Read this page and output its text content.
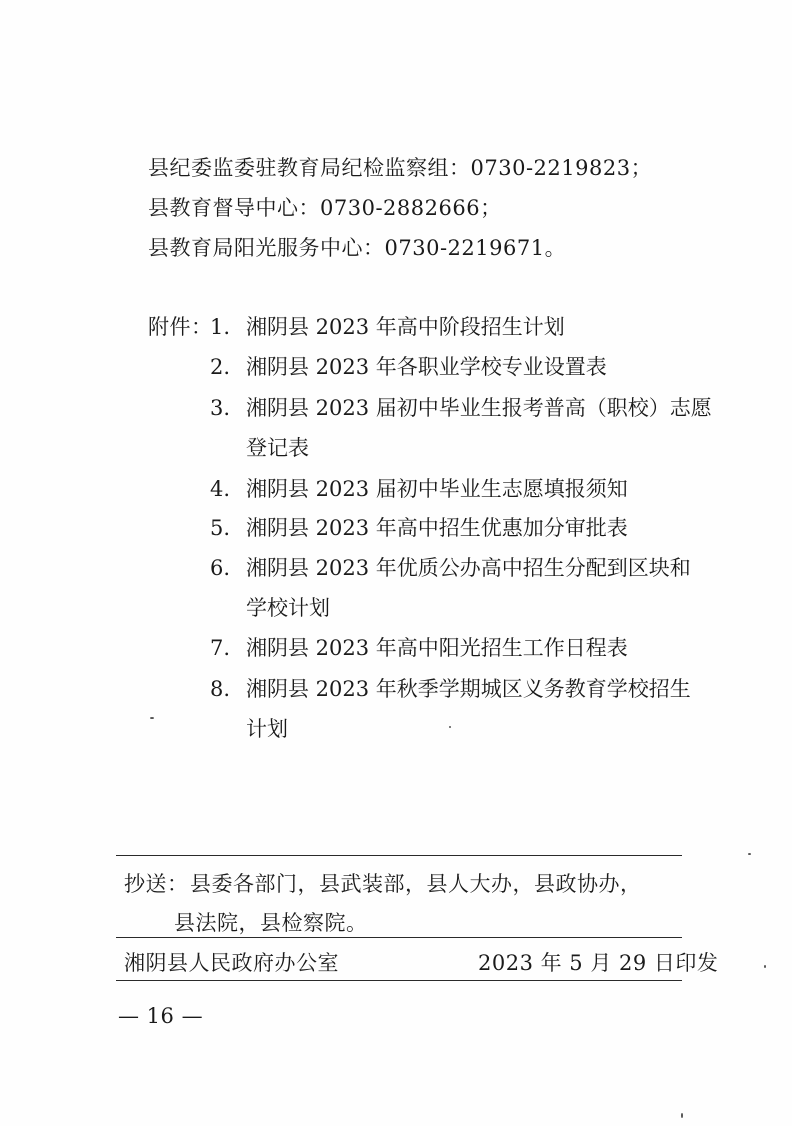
县纪委监委驻教育局纪检监察组：0730-2219823；
县教育督导中心：0730-2882666；
县教育局阳光服务中心：0730-2219671。
附件：
1. 湘阴县 2023 年高中阶段招生计划
2. 湘阴县 2023 年各职业学校专业设置表
3. 湘阴县 2023 届初中毕业生报考普高（职校）志愿
登记表
4. 湘阴县 2023 届初中毕业生志愿填报须知
5. 湘阴县 2023 年高中招生优惠加分审批表
6. 湘阴县 2023 年优质公办高中招生分配到区块和
学校计划
7. 湘阴县 2023 年高中阳光招生工作日程表
8. 湘阴县 2023 年秋季学期城区义务教育学校招生
计划
抄送： 县委各部门，县武装部，县人大办，县政协办，
县法院，县检察院。
湘阴县人民政府办公室	2023 年 5 月 29 日印发
— 16 —
